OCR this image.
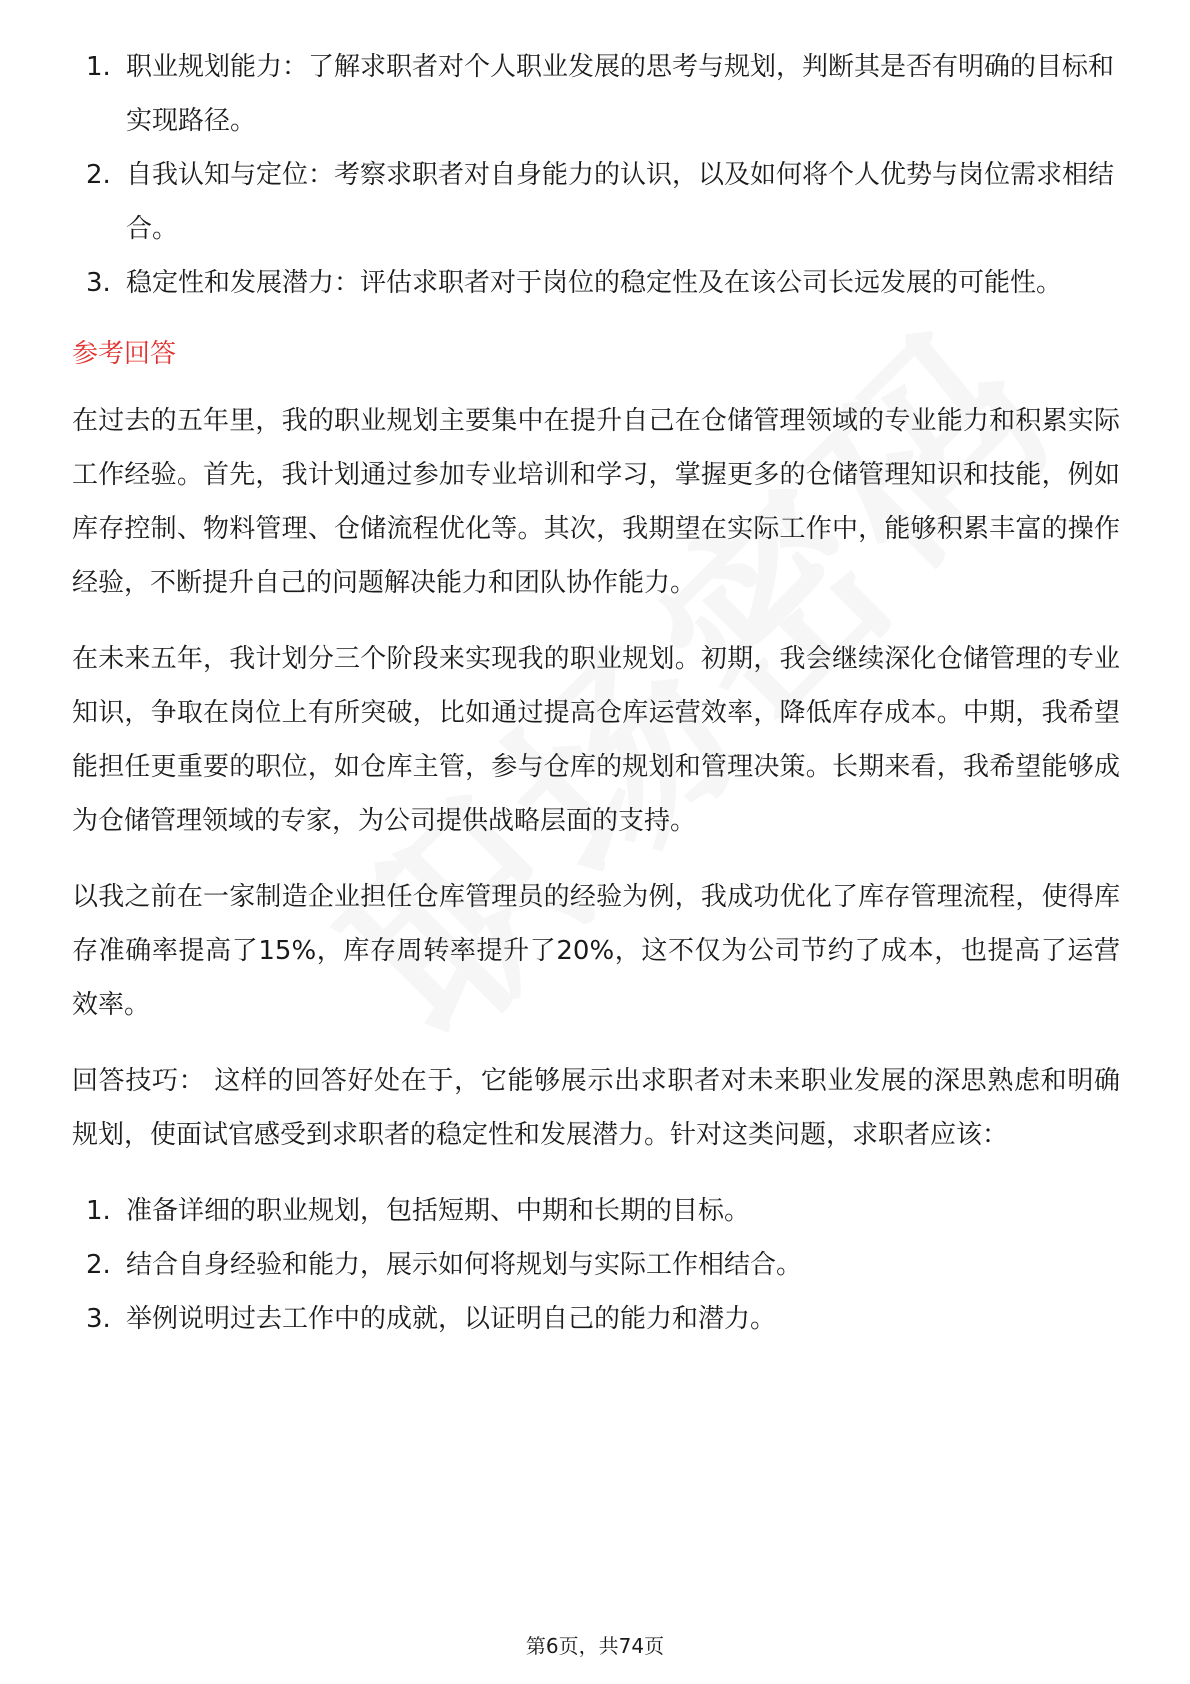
1. 职业规划能力：了解求职者对个人职业发展的思考与规划，判断其是否有明确的目标和实现路径。
2. 自我认知与定位：考察求职者对自身能力的认识，以及如何将个人优势与岗位需求相结合。
3. 稳定性和发展潜力：评估求职者对于岗位的稳定性及在该公司长远发展的可能性。
参考回答

在过去的五年里，我的职业规划主要集中在提升自己在仓储管理领域的专业能力和积累实际工作经验。首先，我计划通过参加专业培训和学习，掌握更多的仓储管理知识和技能，例如库存控制、物料管理、仓储流程优化等。其次，我期望在实际工作中，能够积累丰富的操作经验，不断提升自己的问题解决能力和团队协作能力。

在未来五年，我计划分三个阶段来实现我的职业规划。初期，我会继续深化仓储管理的专业知识，争取在岗位上有所突破，比如通过提高仓库运营效率，降低库存成本。中期，我希望能担任更重要的职位，如仓库主管，参与仓库的规划和管理决策。长期来看，我希望能够成为仓储管理领域的专家，为公司提供战略层面的支持。

以我之前在一家制造企业担任仓库管理员的经验为例，我成功优化了库存管理流程，使得库存准确率提高了15%，库存周转率提升了20%，这不仅为公司节约了成本，也提高了运营效率。

回答技巧： 这样的回答好处在于，它能够展示出求职者对未来职业发展的深思熟虑和明确规划，使面试官感受到求职者的稳定性和发展潜力。针对这类问题，求职者应该：

1. 准备详细的职业规划，包括短期、中期和长期的目标。
2. 结合自身经验和能力，展示如何将规划与实际工作相结合。
3. 举例说明过去工作中的成就，以证明自己的能力和潜力。
第6页，共74页
